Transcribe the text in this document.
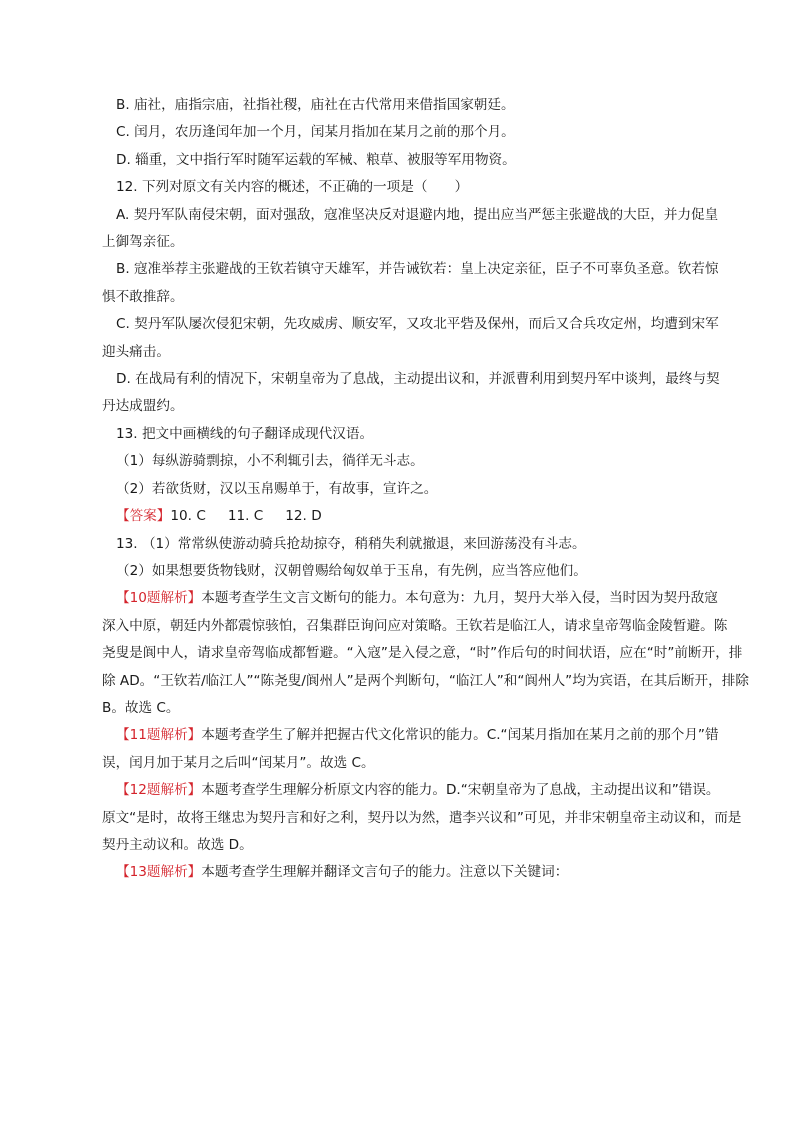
B. 庙社，庙指宗庙，社指社稷，庙社在古代常用来借指国家朝廷。

C. 闰月，农历逢闰年加一个月，闰某月指加在某月之前的那个月。

D. 辎重，文中指行军时随军运载的军械、粮草、被服等军用物资。

12. 下列对原文有关内容的概述，不正确的一项是（　　）

A. 契丹军队南侵宋朝，面对强敌，寇准坚决反对退避内地，提出应当严惩主张避战的大臣，并力促皇

上御驾亲征。

B. 寇准举荐主张避战的王钦若镇守天雄军，并告诫钦若：皇上决定亲征，臣子不可辜负圣意。钦若惊

惧不敢推辞。

C. 契丹军队屡次侵犯宋朝，先攻威虏、顺安军，又攻北平砦及保州，而后又合兵攻定州，均遭到宋军

迎头痛击。

D. 在战局有利的情况下，宋朝皇帝为了息战，主动提出议和，并派曹利用到契丹军中谈判，最终与契

丹达成盟约。

13. 把文中画横线的句子翻译成现代汉语。

（1）每纵游骑剽掠，小不利辄引去，徜徉无斗志。

（2）若欲货财，汉以玉帛赐单于，有故事，宣许之。

【答案】10. C 11. C 12. D

13. （1）常常纵使游动骑兵抢劫掠夺，稍稍失利就撤退，来回游荡没有斗志。

（2）如果想要货物钱财，汉朝曾赐给匈奴单于玉帛，有先例，应当答应他们。

【10题解析】本题考查学生文言文断句的能力。本句意为：九月，契丹大举入侵，当时因为契丹敌寇

深入中原，朝廷内外都震惊骇怕，召集群臣询问应对策略。王钦若是临江人，请求皇帝驾临金陵暂避。陈

尧叟是阆中人，请求皇帝驾临成都暂避。“入寇”是入侵之意，“时”作后句的时间状语，应在“时”前断开，排

除 AD。“王钦若/临江人”“陈尧叟/阆州人”是两个判断句，“临江人”和“阆州人”均为宾语，在其后断开，排除

B。故选 C。

【11题解析】本题考查学生了解并把握古代文化常识的能力。C.“闰某月指加在某月之前的那个月”错

误，闰月加于某月之后叫“闰某月”。故选 C。

【12题解析】本题考查学生理解分析原文内容的能力。D.“宋朝皇帝为了息战，主动提出议和”错误。

原文“是时，故将王继忠为契丹言和好之利，契丹以为然，遣李兴议和”可见，并非宋朝皇帝主动议和，而是

契丹主动议和。故选 D。

【13题解析】本题考查学生理解并翻译文言句子的能力。注意以下关键词：
